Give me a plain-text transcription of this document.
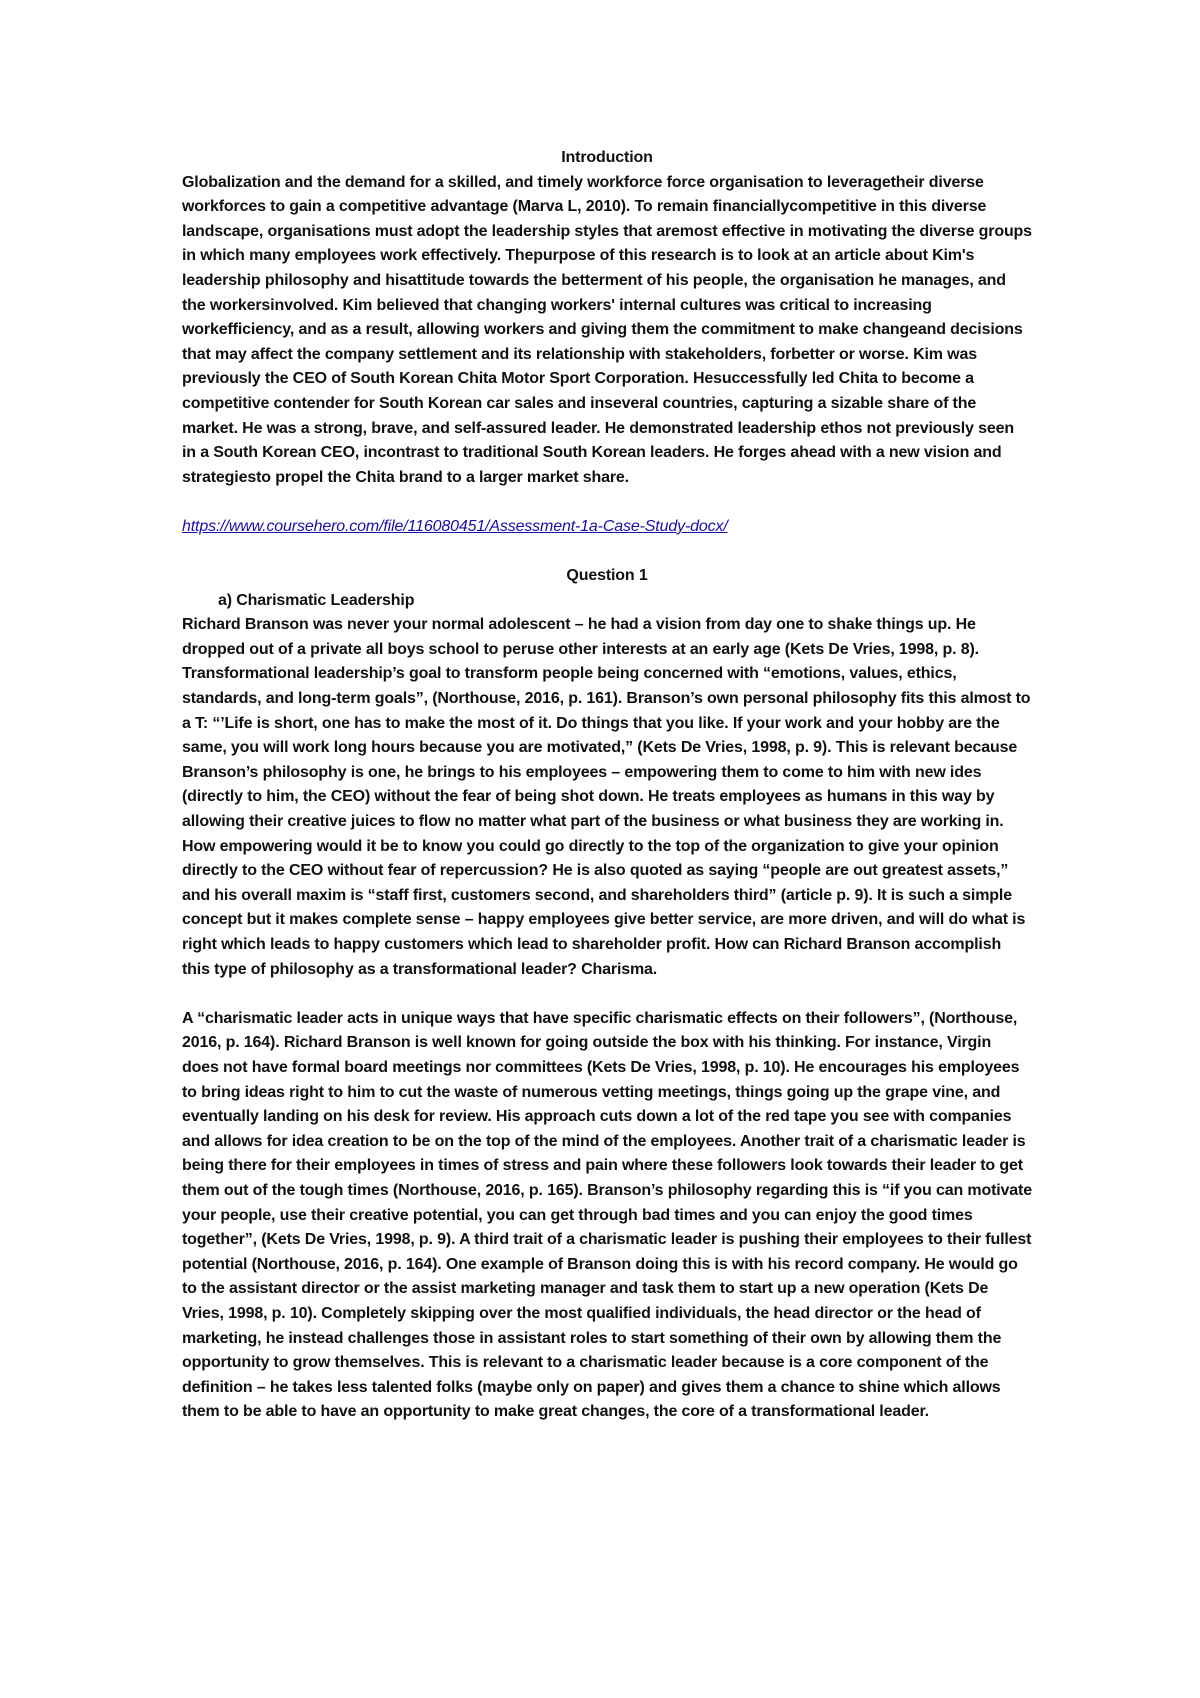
Introduction

Globalization and the demand for a skilled, and timely workforce force organisation to leveragetheir diverse workforces to gain a competitive advantage (Marva L, 2010). To remain financiallycompetitive in this diverse landscape, organisations must adopt the leadership styles that aremost effective in motivating the diverse groups in which many employees work effectively. Thepurpose of this research is to look at an article about Kim's leadership philosophy and hisattitude towards the betterment of his people, the organisation he manages, and the workersinvolved. Kim believed that changing workers' internal cultures was critical to increasing workefficiency, and as a result, allowing workers and giving them the commitment to make changeand decisions that may affect the company settlement and its relationship with stakeholders, forbetter or worse. Kim was previously the CEO of South Korean Chita Motor Sport Corporation. Hesuccessfully led Chita to become a competitive contender for South Korean car sales and inseveral countries, capturing a sizable share of the market. He was a strong, brave, and self-assured leader. He demonstrated leadership ethos not previously seen in a South Korean CEO, incontrast to traditional South Korean leaders. He forges ahead with a new vision and strategiesto propel the Chita brand to a larger market share.

https://www.coursehero.com/file/116080451/Assessment-1a-Case-Study-docx/

Question 1

a) Charismatic Leadership

Richard Branson was never your normal adolescent – he had a vision from day one to shake things up. He dropped out of a private all boys school to peruse other interests at an early age (Kets De Vries, 1998, p. 8). Transformational leadership’s goal to transform people being concerned with “emotions, values, ethics, standards, and long-term goals”, (Northouse, 2016, p. 161). Branson’s own personal philosophy fits this almost to a T: “’Life is short, one has to make the most of it. Do things that you like. If your work and your hobby are the same, you will work long hours because you are motivated,” (Kets De Vries, 1998, p. 9). This is relevant because Branson’s philosophy is one, he brings to his employees – empowering them to come to him with new ides (directly to him, the CEO) without the fear of being shot down. He treats employees as humans in this way by allowing their creative juices to flow no matter what part of the business or what business they are working in. How empowering would it be to know you could go directly to the top of the organization to give your opinion directly to the CEO without fear of repercussion? He is also quoted as saying “people are out greatest assets,” and his overall maxim is “staff first, customers second, and shareholders third” (article p. 9). It is such a simple concept but it makes complete sense – happy employees give better service, are more driven, and will do what is right which leads to happy customers which lead to shareholder profit. How can Richard Branson accomplish this type of philosophy as a transformational leader? Charisma.

A “charismatic leader acts in unique ways that have specific charismatic effects on their followers”, (Northouse, 2016, p. 164). Richard Branson is well known for going outside the box with his thinking. For instance, Virgin does not have formal board meetings nor committees (Kets De Vries, 1998, p. 10). He encourages his employees to bring ideas right to him to cut the waste of numerous vetting meetings, things going up the grape vine, and eventually landing on his desk for review. His approach cuts down a lot of the red tape you see with companies and allows for idea creation to be on the top of the mind of the employees. Another trait of a charismatic leader is being there for their employees in times of stress and pain where these followers look towards their leader to get them out of the tough times (Northouse, 2016, p. 165). Branson’s philosophy regarding this is “if you can motivate your people, use their creative potential, you can get through bad times and you can enjoy the good times together”, (Kets De Vries, 1998, p. 9). A third trait of a charismatic leader is pushing their employees to their fullest potential (Northouse, 2016, p. 164). One example of Branson doing this is with his record company. He would go to the assistant director or the assist marketing manager and task them to start up a new operation (Kets De Vries, 1998, p. 10). Completely skipping over the most qualified individuals, the head director or the head of marketing, he instead challenges those in assistant roles to start something of their own by allowing them the opportunity to grow themselves. This is relevant to a charismatic leader because is a core component of the definition – he takes less talented folks (maybe only on paper) and gives them a chance to shine which allows them to be able to have an opportunity to make great changes, the core of a transformational leader.
